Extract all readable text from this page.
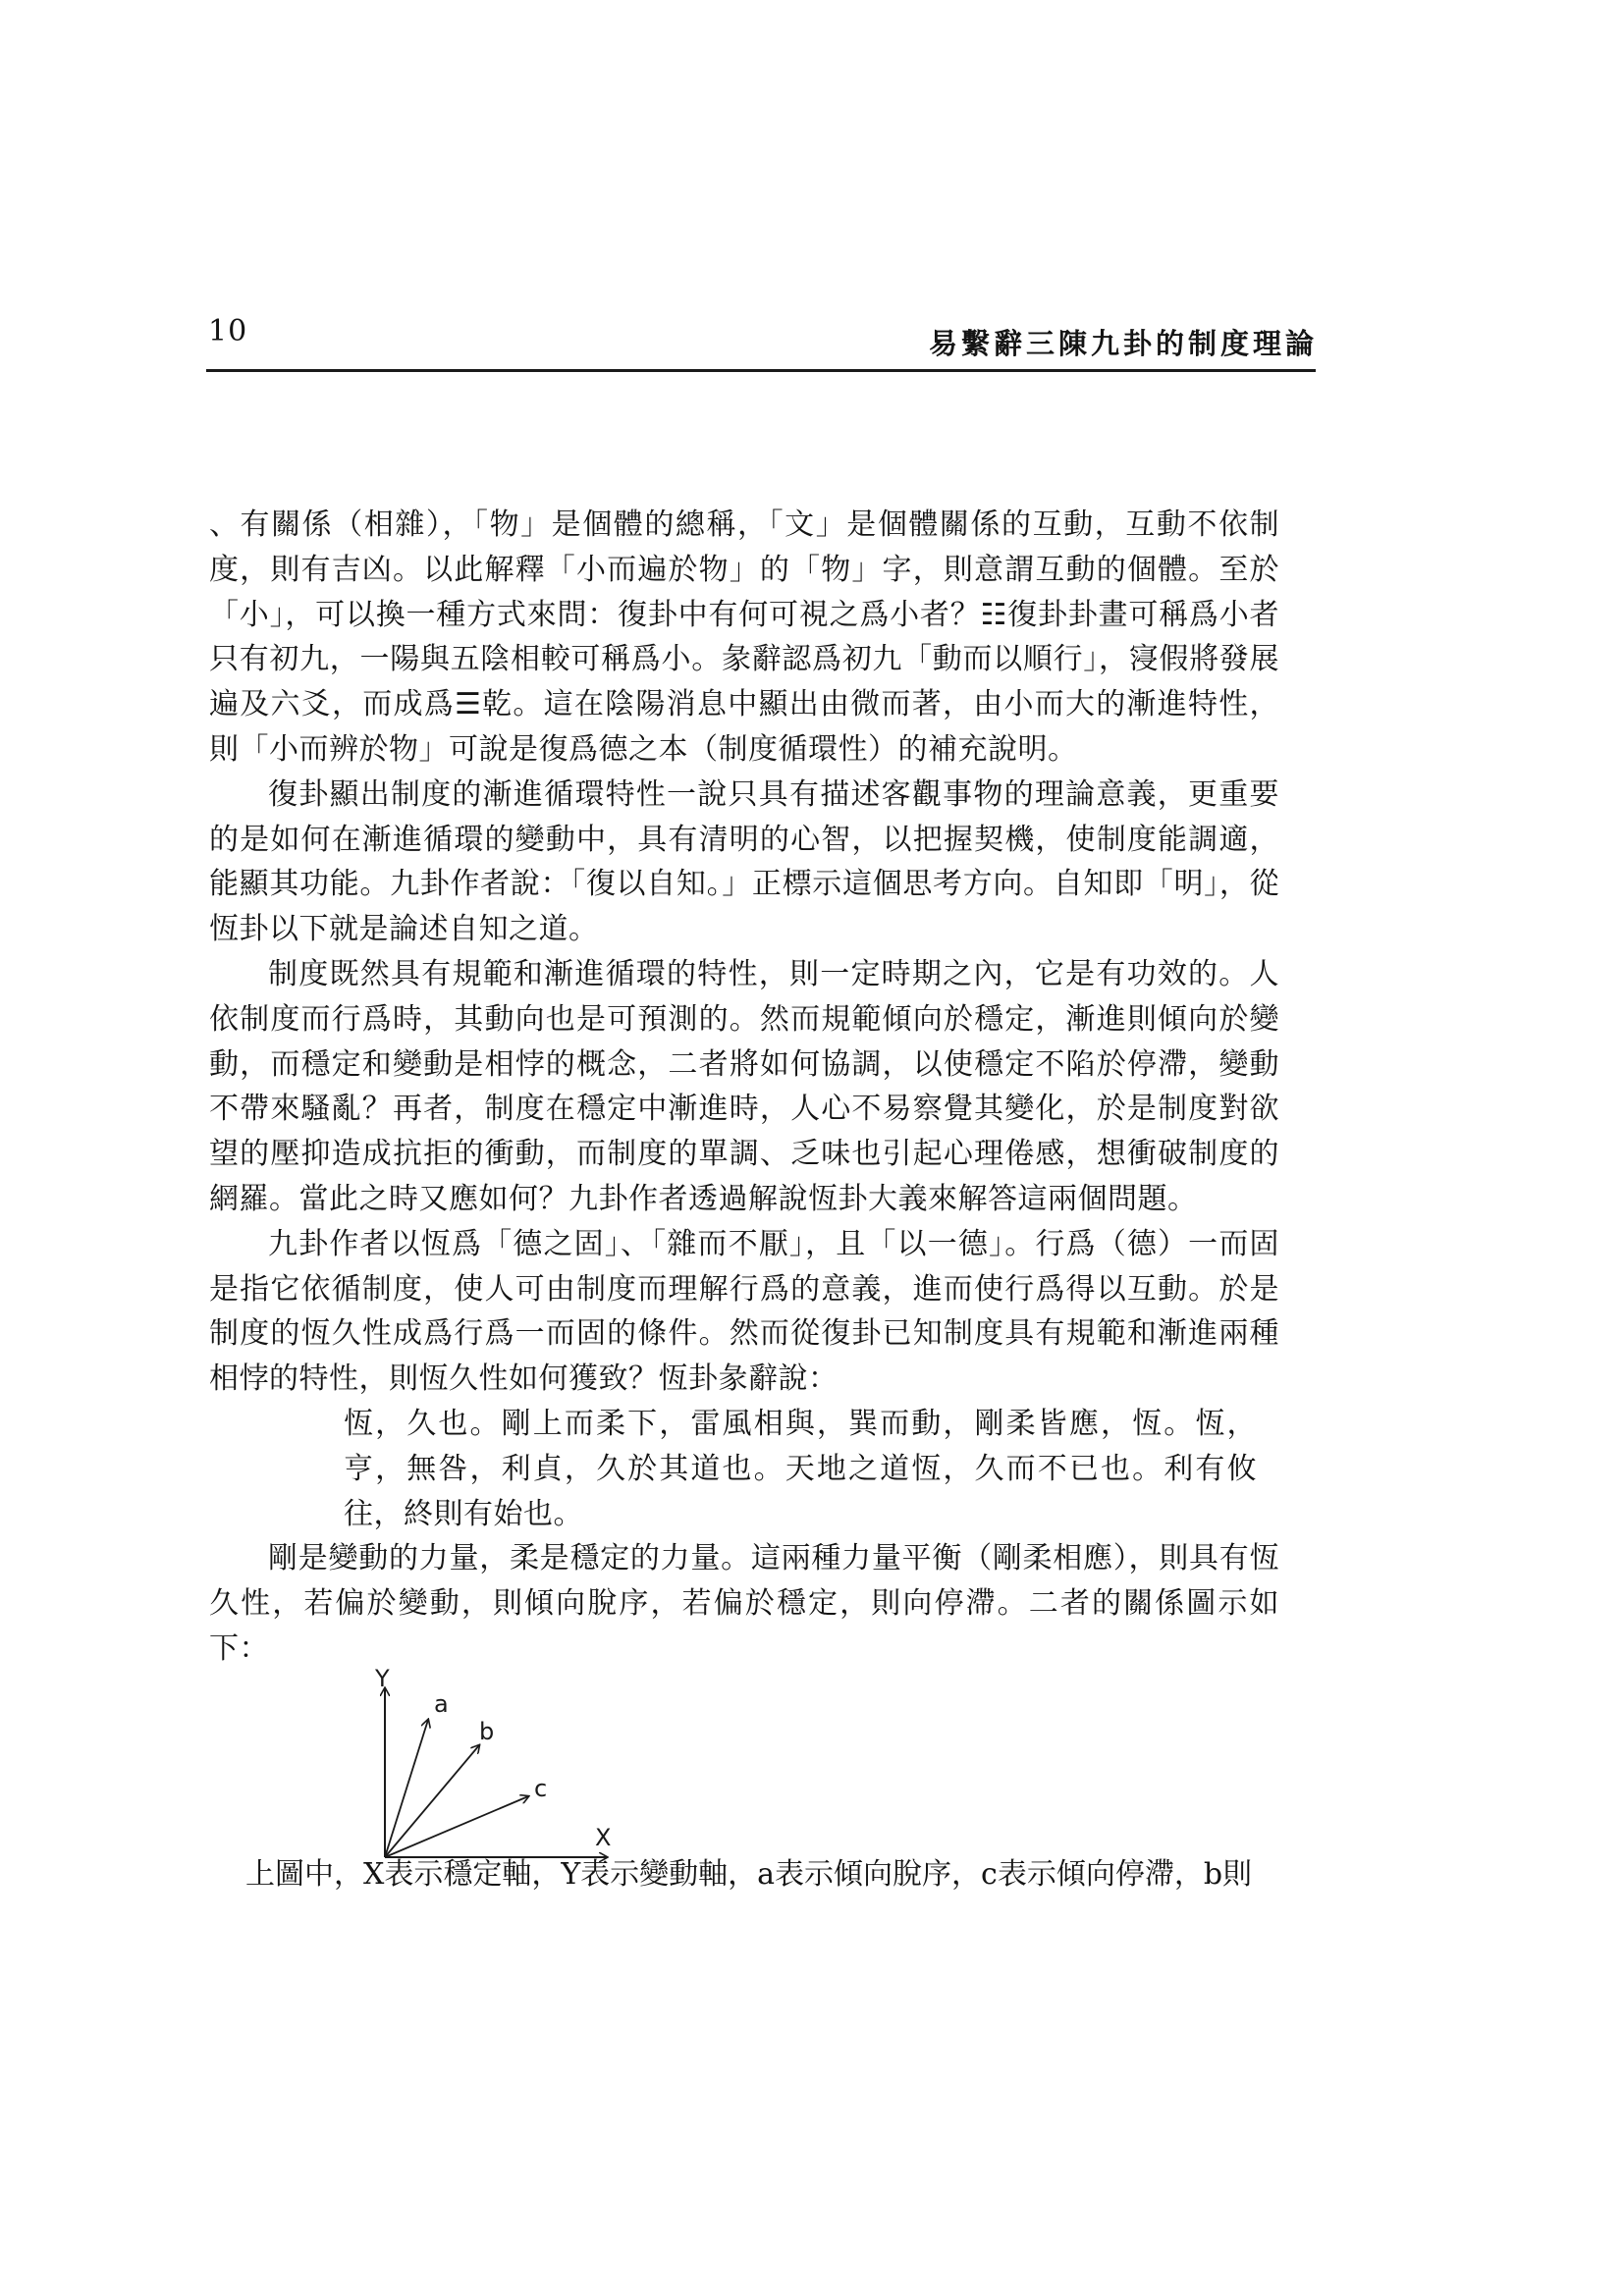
10	易繫辭三陳九卦的制度理論

、有關係（相雜），「物」是個體的總稱，「文」是個體關係的互動，互動不依制度，則有吉凶。以此解釋「小而遍於物」的「物」字，則意謂互動的個體。至於「小」，可以換一種方式來問：復卦中有何可視之爲小者？☷復卦卦畫可稱爲小者只有初九，一陽與五陰相較可稱爲小。彖辭認爲初九「動而以順行」，寖假將發展遍及六爻，而成爲☰乾。這在陰陽消息中顯出由微而著，由小而大的漸進特性，則「小而辨於物」可說是復爲德之本（制度循環性）的補充說明。

復卦顯出制度的漸進循環特性一說只具有描述客觀事物的理論意義，更重要的是如何在漸進循環的變動中，具有清明的心智，以把握契機，使制度能調適，能顯其功能。九卦作者說：「復以自知。」正標示這個思考方向。自知即「明」，從恆卦以下就是論述自知之道。

制度既然具有規範和漸進循環的特性，則一定時期之內，它是有功效的。人依制度而行爲時，其動向也是可預測的。然而規範傾向於穩定，漸進則傾向於變動，而穩定和變動是相悖的概念，二者將如何協調，以使穩定不陷於停滯，變動不帶來騷亂？再者，制度在穩定中漸進時，人心不易察覺其變化，於是制度對欲望的壓抑造成抗拒的衝動，而制度的單調、乏味也引起心理倦感，想衝破制度的網羅。當此之時又應如何？九卦作者透過解說恆卦大義來解答這兩個問題。

九卦作者以恆爲「德之固」、「雜而不厭」，且「以一德」。行爲（德）一而固是指它依循制度，使人可由制度而理解行爲的意義，進而使行爲得以互動。於是制度的恆久性成爲行爲一而固的條件。然而從復卦已知制度具有規範和漸進兩種相悖的特性，則恆久性如何獲致？恆卦彖辭說：

恆，久也。剛上而柔下，雷風相與，巽而動，剛柔皆應，恆。恆，亨，無咎，利貞，久於其道也。天地之道恆，久而不已也。利有攸往，終則有始也。

剛是變動的力量，柔是穩定的力量。這兩種力量平衡（剛柔相應），則具有恆久性，若偏於變動，則傾向脫序，若偏於穩定，則向停滯。二者的關係圖示如下：

Y
X
a
b
c
上圖中，X表示穩定軸，Y表示變動軸，a表示傾向脫序，c表示傾向停滯，b則
